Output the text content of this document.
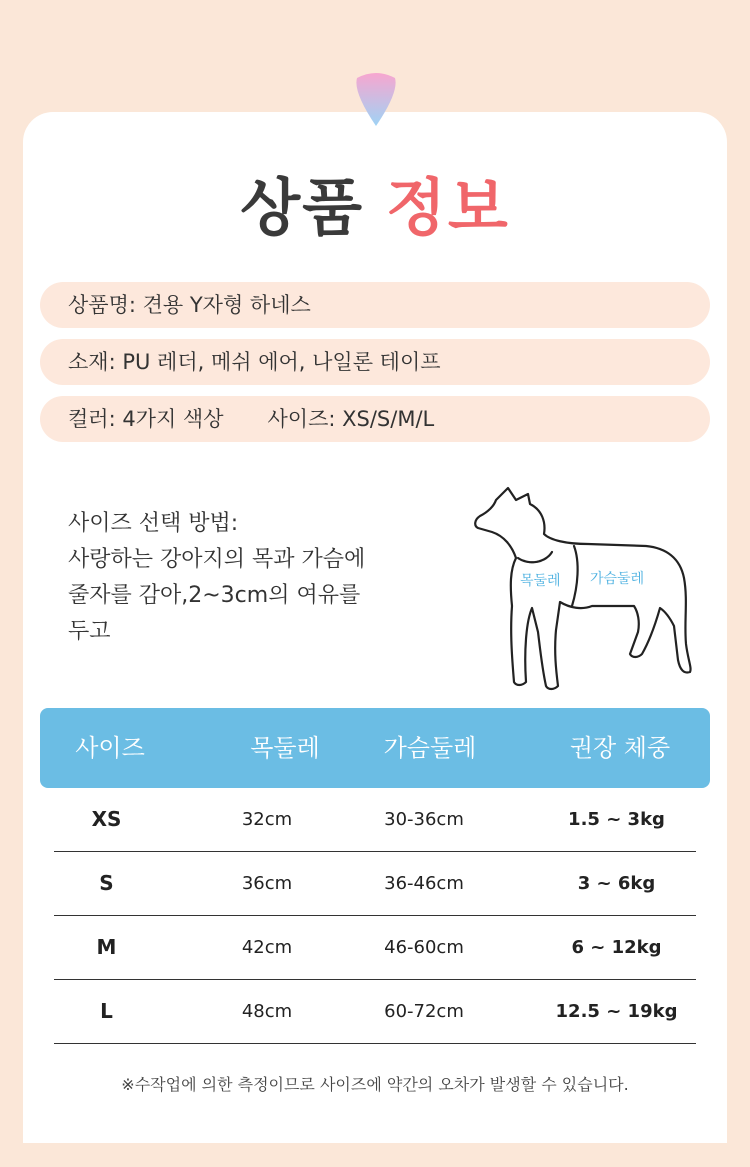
상품 정보
상품명: 견용 Y자형 하네스
소재: PU 레더, 메쉬 에어, 나일론 테이프
컬러: 4가지 색상 사이즈: XS/S/M/L
사이즈 선택 방법:
사랑하는 강아지의 목과 가슴에
줄자를 감아,2~3cm의 여유를
두고
목둘레 가슴둘레
사이즈	목둘레	가슴둘레	권장 체중
XS	32cm	30-36cm	1.5 ~ 3kg
S	36cm	36-46cm	3 ~ 6kg
M	42cm	46-60cm	6 ~ 12kg
L	48cm	60-72cm	12.5 ~ 19kg
※수작업에 의한 측정이므로 사이즈에 약간의 오차가 발생할 수 있습니다.
